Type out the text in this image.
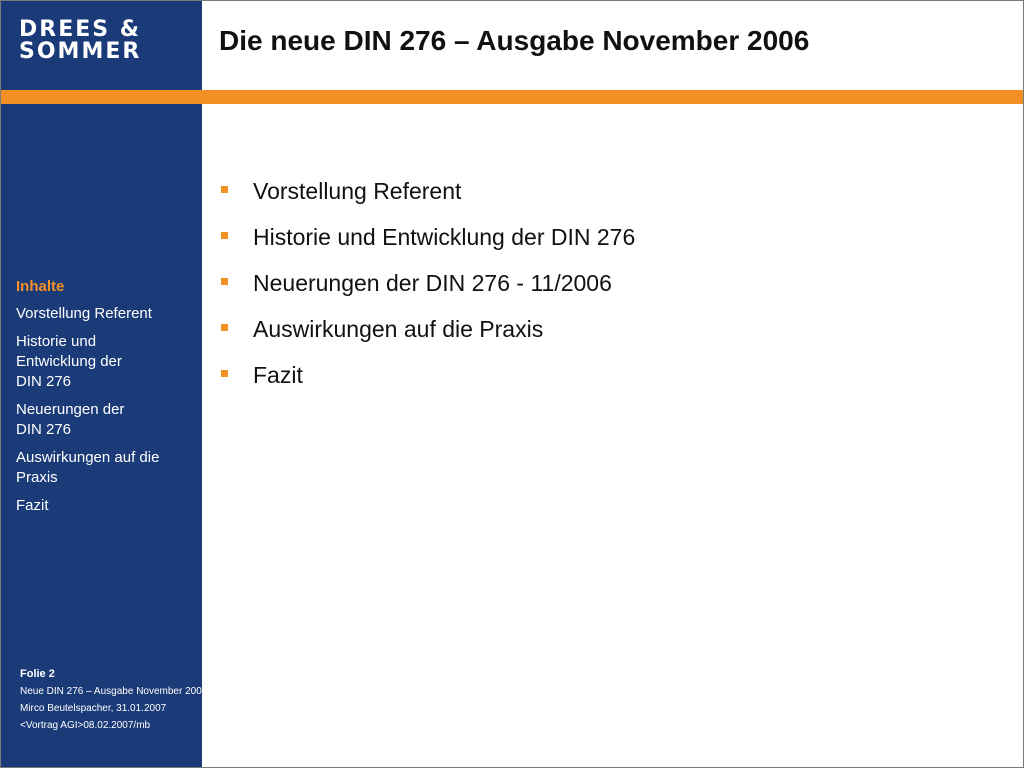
DREES &
SOMMER
Inhalte
Vorstellung Referent
Historie und
Entwicklung der
DIN 276
Neuerungen der
DIN 276
Auswirkungen auf die
Praxis
Fazit
Folie 2
Neue DIN 276 – Ausgabe November 2006
Mirco Beutelspacher, 31.01.2007
<Vortrag AGI>08.02.2007/mb
Die neue DIN 276 – Ausgabe November 2006
Vorstellung Referent
Historie und Entwicklung der DIN 276
Neuerungen der DIN 276 - 11/2006
Auswirkungen auf die Praxis
Fazit
